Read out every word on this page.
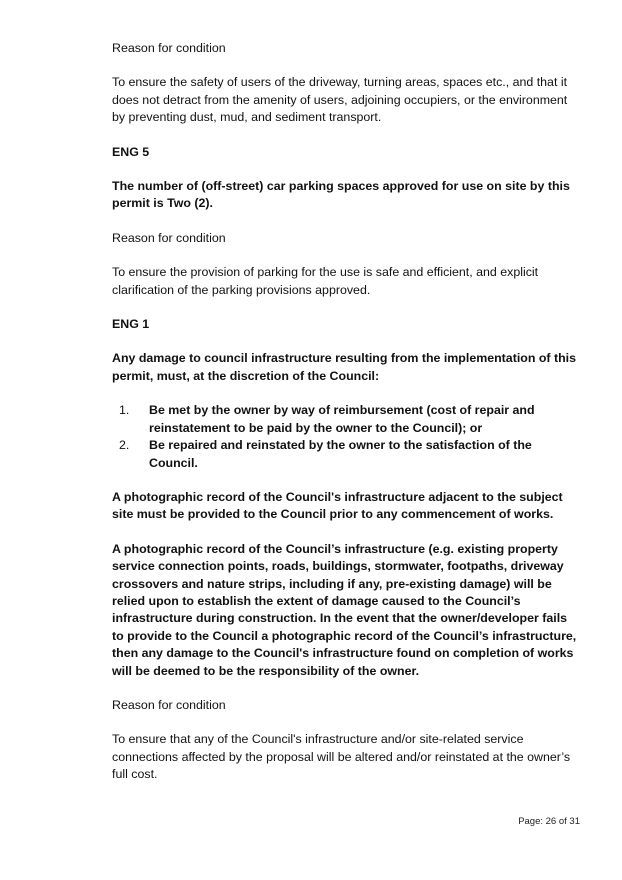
Reason for condition

To ensure the safety of users of the driveway, turning areas, spaces etc., and that it does not detract from the amenity of users, adjoining occupiers, or the environment by preventing dust, mud, and sediment transport.

ENG 5

The number of (off-street) car parking spaces approved for use on site by this permit is Two (2).

Reason for condition

To ensure the provision of parking for the use is safe and efficient, and explicit clarification of the parking provisions approved.

ENG 1

Any damage to council infrastructure resulting from the implementation of this permit, must, at the discretion of the Council:

1. Be met by the owner by way of reimbursement (cost of repair and reinstatement to be paid by the owner to the Council); or
2. Be repaired and reinstated by the owner to the satisfaction of the Council.

A photographic record of the Council's infrastructure adjacent to the subject site must be provided to the Council prior to any commencement of works.

A photographic record of the Council’s infrastructure (e.g. existing property service connection points, roads, buildings, stormwater, footpaths, driveway crossovers and nature strips, including if any, pre-existing damage) will be relied upon to establish the extent of damage caused to the Council’s infrastructure during construction. In the event that the owner/developer fails to provide to the Council a photographic record of the Council’s infrastructure, then any damage to the Council's infrastructure found on completion of works will be deemed to be the responsibility of the owner.

Reason for condition

To ensure that any of the Council's infrastructure and/or site-related service connections affected by the proposal will be altered and/or reinstated at the owner’s full cost.

Page: 26 of 31
